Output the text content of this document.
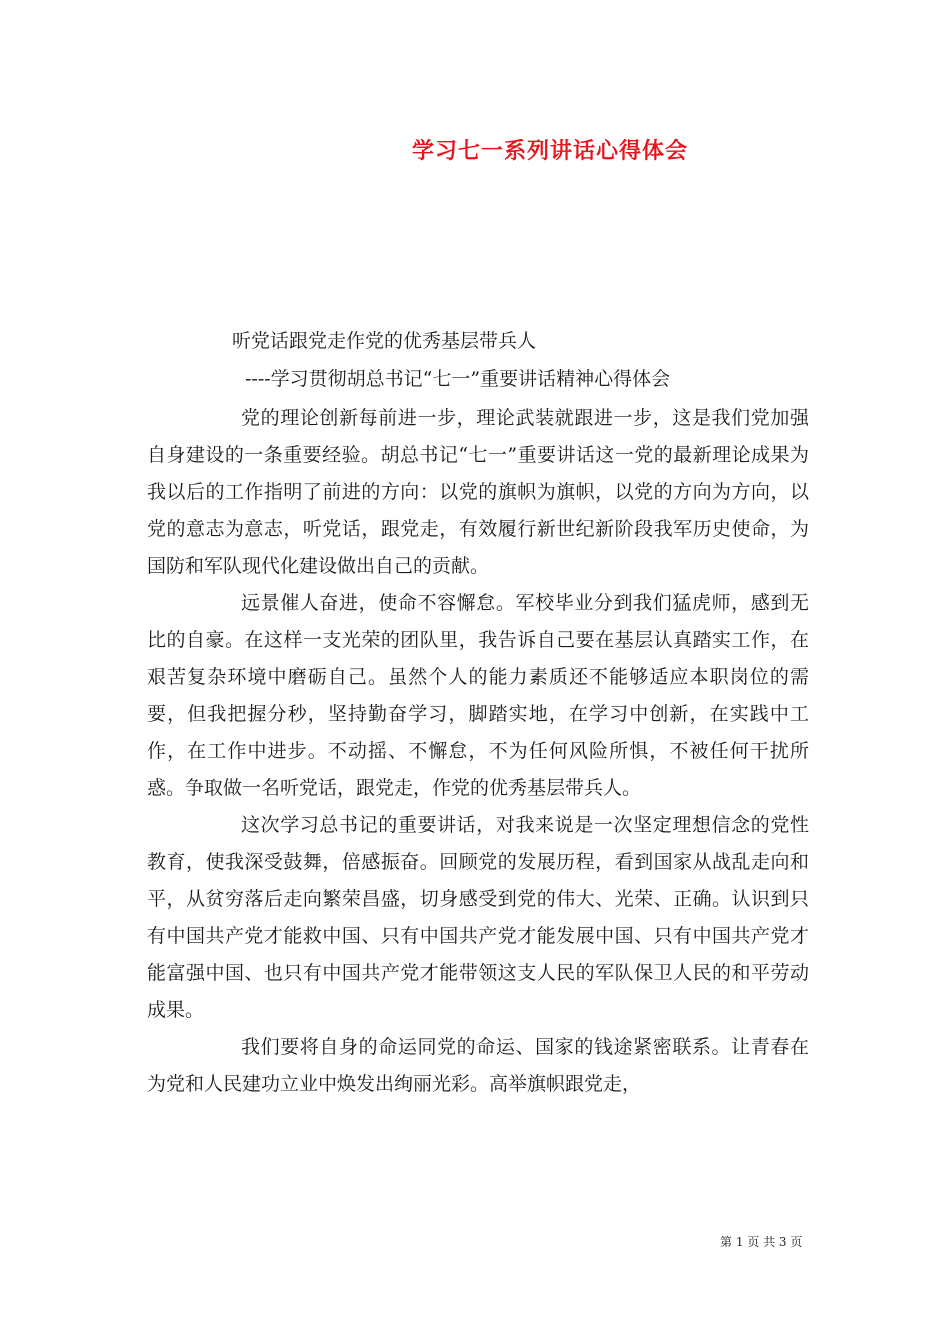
学习七一系列讲话心得体会
听党话跟党走作党的优秀基层带兵人
----学习贯彻胡总书记“七一”重要讲话精神心得体会

党的理论创新每前进一步，理论武装就跟进一步，这是我们党加强自身建设的一条重要经验。胡总书记“七一”重要讲话这一党的最新理论成果为我以后的工作指明了前进的方向：以党的旗帜为旗帜，以党的方向为方向，以党的意志为意志，听党话，跟党走，有效履行新世纪新阶段我军历史使命，为国防和军队现代化建设做出自己的贡献。

远景催人奋进，使命不容懈怠。军校毕业分到我们猛虎师，感到无比的自豪。在这样一支光荣的团队里，我告诉自己要在基层认真踏实工作，在艰苦复杂环境中磨砺自己。虽然个人的能力素质还不能够适应本职岗位的需要，但我把握分秒，坚持勤奋学习，脚踏实地，在学习中创新，在实践中工作，在工作中进步。不动摇、不懈怠，不为任何风险所惧，不被任何干扰所惑。争取做一名听党话，跟党走，作党的优秀基层带兵人。

这次学习总书记的重要讲话，对我来说是一次坚定理想信念的党性教育，使我深受鼓舞，倍感振奋。回顾党的发展历程，看到国家从战乱走向和平，从贫穷落后走向繁荣昌盛，切身感受到党的伟大、光荣、正确。认识到只有中国共产党才能救中国、只有中国共产党才能发展中国、只有中国共产党才能富强中国、也只有中国共产党才能带领这支人民的军队保卫人民的和平劳动成果。

我们要将自身的命运同党的命运、国家的钱途紧密联系。让青春在为党和人民建功立业中焕发出绚丽光彩。高举旗帜跟党走，

第 1 页 共 3 页
